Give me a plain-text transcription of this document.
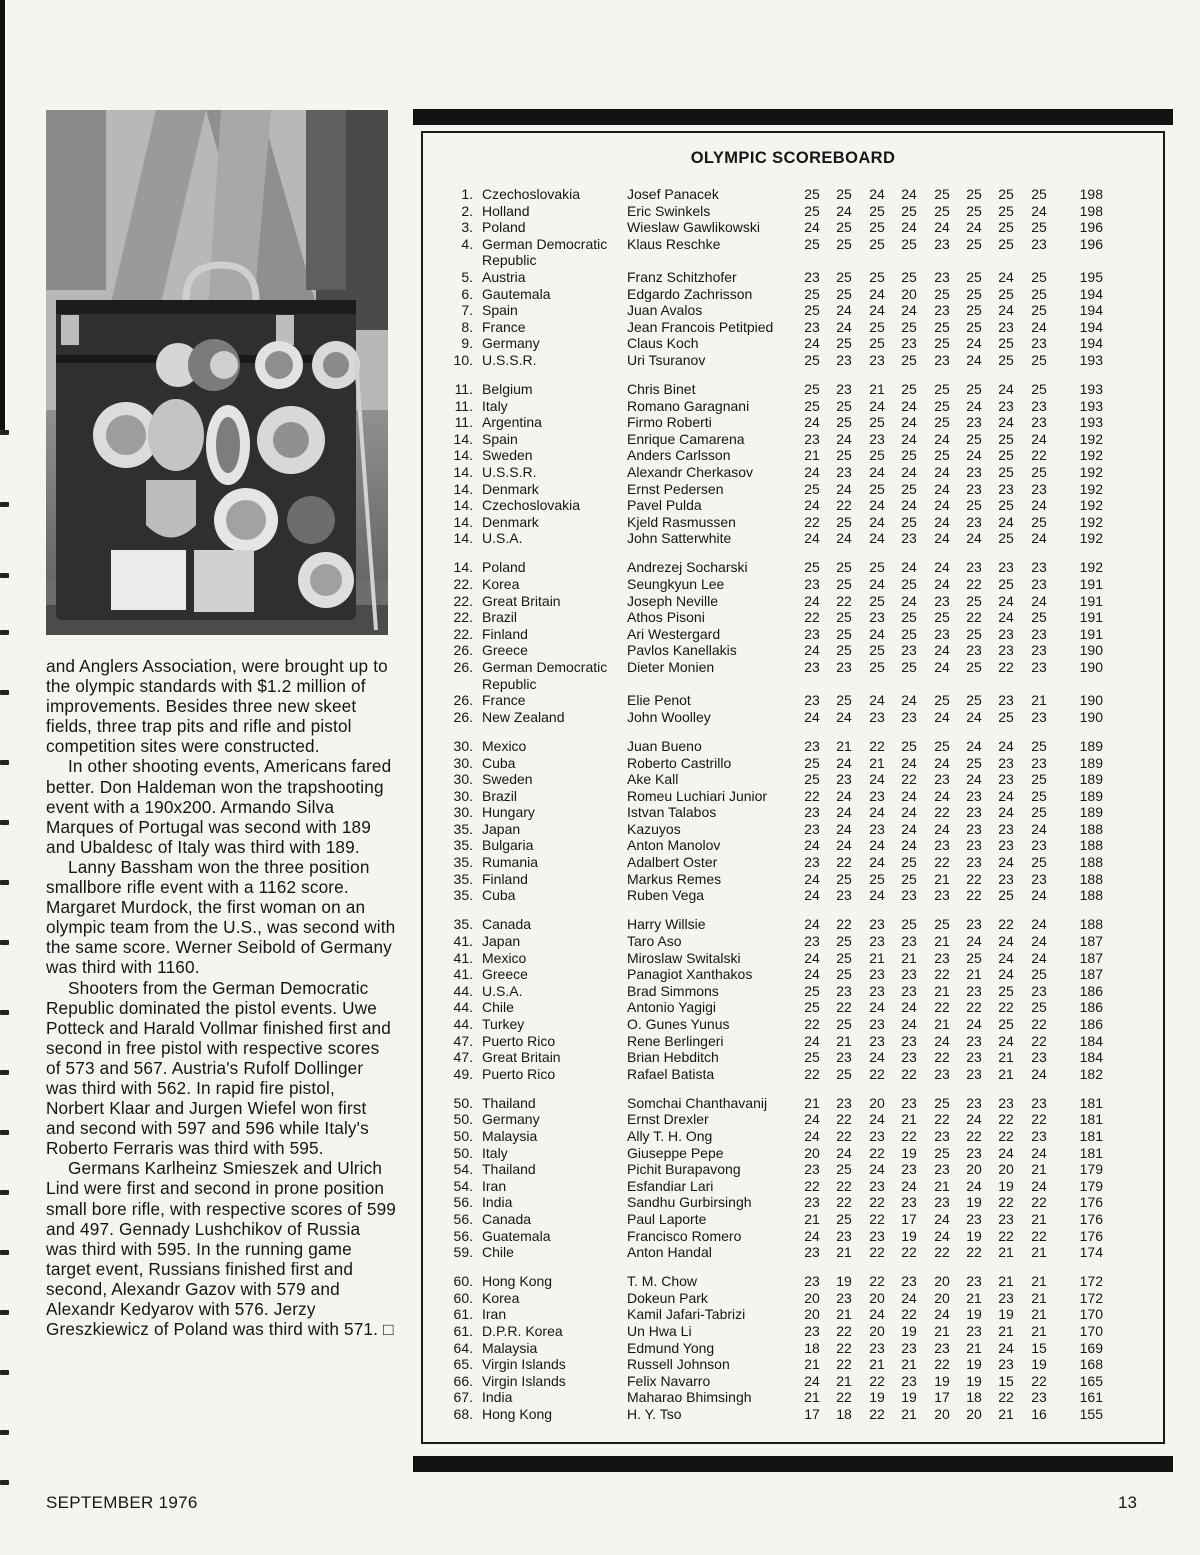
and Anglers Association, were brought up to the olympic standards with $1.2 million of improvements. Besides three new skeet fields, three trap pits and rifle and pistol competition sites were constructed.

In other shooting events, Americans fared better. Don Haldeman won the trapshooting event with a 190x200. Armando Silva Marques of Portugal was second with 189 and Ubaldesc of Italy was third with 189.

Lanny Bassham won the three position smallbore rifle event with a 1162 score. Margaret Murdock, the first woman on an olympic team from the U.S., was second with the same score. Werner Seibold of Germany was third with 1160.

Shooters from the German Democratic Republic dominated the pistol events. Uwe Potteck and Harald Vollmar finished first and second in free pistol with respective scores of 573 and 567. Austria's Rufolf Dollinger was third with 562. In rapid fire pistol, Norbert Klaar and Jurgen Wiefel won first and second with 597 and 596 while Italy's Roberto Ferraris was third with 595.

Germans Karlheinz Smieszek and Ulrich Lind were first and second in prone position small bore rifle, with respective scores of 599 and 497. Gennady Lushchikov of Russia was third with 595. In the running game target event, Russians finished first and second, Alexandr Gazov with 579 and Alexandr Kedyarov with 576. Jerzy Greszkiewicz of Poland was third with 571. □

OLYMPIC SCOREBOARD
1. Czechoslovakia	Josef Panacek	25 25 24 24 25 25 25 25	198
2. Holland	Eric Swinkels	25 24 25 25 25 25 25 24	198
3. Poland	Wieslaw Gawlikowski	24 25 25 24 24 24 25 25	196
4. German Democratic	Klaus Reschke	25 25 25 25 23 25 25 23	196
Republic
5. Austria	Franz Schitzhofer	23 25 25 25 23 25 24 25	195
6. Gautemala	Edgardo Zachrisson	25 25 24 20 25 25 25 25	194
7. Spain	Juan Avalos	25 24 24 24 23 25 24 25	194
8. France	Jean Francois Petitpied	23 24 25 25 25 25 23 24	194
9. Germany	Claus Koch	24 25 25 23 25 24 25 23	194
10. U.S.S.R.	Uri Tsuranov	25 23 23 25 23 24 25 25	193
11. Belgium	Chris Binet	25 23 21 25 25 25 24 25	193
11. Italy	Romano Garagnani	25 25 24 24 25 24 23 23	193
11. Argentina	Firmo Roberti	24 25 25 24 25 23 24 23	193
14. Spain	Enrique Camarena	23 24 23 24 24 25 25 24	192
14. Sweden	Anders Carlsson	21 25 25 25 25 24 25 22	192
14. U.S.S.R.	Alexandr Cherkasov	24 23 24 24 24 23 25 25	192
14. Denmark	Ernst Pedersen	25 24 25 25 24 23 23 23	192
14. Czechoslovakia	Pavel Pulda	24 22 24 24 24 25 25 24	192
14. Denmark	Kjeld Rasmussen	22 25 24 25 24 23 24 25	192
14. U.S.A.	John Satterwhite	24 24 24 23 24 24 25 24	192
14. Poland	Andrezej Socharski	25 25 25 24 24 23 23 23	192
22. Korea	Seungkyun Lee	23 25 24 25 24 22 25 23	191
22. Great Britain	Joseph Neville	24 22 25 24 23 25 24 24	191
22. Brazil	Athos Pisoni	22 25 23 25 25 22 24 25	191
22. Finland	Ari Westergard	23 25 24 25 23 25 23 23	191
26. Greece	Pavlos Kanellakis	24 25 25 23 24 23 23 23	190
26. German Democratic	Dieter Monien	23 23 25 25 24 25 22 23	190
Republic
26. France	Elie Penot	23 25 24 24 25 25 23 21	190
26. New Zealand	John Woolley	24 24 23 23 24 24 25 23	190
30. Mexico	Juan Bueno	23 21 22 25 25 24 24 25	189
30. Cuba	Roberto Castrillo	25 24 21 24 24 25 23 23	189
30. Sweden	Ake Kall	25 23 24 22 23 24 23 25	189
30. Brazil	Romeu Luchiari Junior	22 24 23 24 24 23 24 25	189
30. Hungary	Istvan Talabos	23 24 24 24 22 23 24 25	189
35. Japan	Kazuyos	23 24 23 24 24 23 23 24	188
35. Bulgaria	Anton Manolov	24 24 24 24 23 23 23 23	188
35. Rumania	Adalbert Oster	23 22 24 25 22 23 24 25	188
35. Finland	Markus Remes	24 25 25 25 21 22 23 23	188
35. Cuba	Ruben Vega	24 23 24 23 23 22 25 24	188
35. Canada	Harry Willsie	24 22 23 25 25 23 22 24	188
41. Japan	Taro Aso	23 25 23 23 21 24 24 24	187
41. Mexico	Miroslaw Switalski	24 25 21 21 23 25 24 24	187
41. Greece	Panagiot Xanthakos	24 25 23 23 22 21 24 25	187
44. U.S.A.	Brad Simmons	25 23 23 23 21 23 25 23	186
44. Chile	Antonio Yagigi	25 22 24 24 22 22 22 25	186
44. Turkey	O. Gunes Yunus	22 25 23 24 21 24 25 22	186
47. Puerto Rico	Rene Berlingeri	24 21 23 23 24 23 24 22	184
47. Great Britain	Brian Hebditch	25 23 24 23 22 23 21 23	184
49. Puerto Rico	Rafael Batista	22 25 22 22 23 23 21 24	182
50. Thailand	Somchai Chanthavanij	21 23 20 23 25 23 23 23	181
50. Germany	Ernst Drexler	24 22 24 21 22 24 22 22	181
50. Malaysia	Ally T. H. Ong	24 22 23 22 23 22 22 23	181
50. Italy	Giuseppe Pepe	20 24 22 19 25 23 24 24	181
54. Thailand	Pichit Burapavong	23 25 24 23 23 20 20 21	179
54. Iran	Esfandiar Lari	22 22 23 24 21 24 19 24	179
56. India	Sandhu Gurbirsingh	23 22 22 23 23 19 22 22	176
56. Canada	Paul Laporte	21 25 22 17 24 23 23 21	176
56. Guatemala	Francisco Romero	24 23 23 19 24 19 22 22	176
59. Chile	Anton Handal	23 21 22 22 22 22 21 21	174
60. Hong Kong	T. M. Chow	23 19 22 23 20 23 21 21	172
60. Korea	Dokeun Park	20 23 20 24 20 21 23 21	172
61. Iran	Kamil Jafari-Tabrizi	20 21 24 22 24 19 19 21	170
61. D.P.R. Korea	Un Hwa Li	23 22 20 19 21 23 21 21	170
64. Malaysia	Edmund Yong	18 22 23 23 23 21 24 15	169
65. Virgin Islands	Russell Johnson	21 22 21 21 22 19 23 19	168
66. Virgin Islands	Felix Navarro	24 21 22 23 19 19 15 22	165
67. India	Maharao Bhimsingh	21 22 19 19 17 18 22 23	161
68. Hong Kong	H. Y. Tso	17 18 22 21 20 20 21 16	155
SEPTEMBER 1976	13
